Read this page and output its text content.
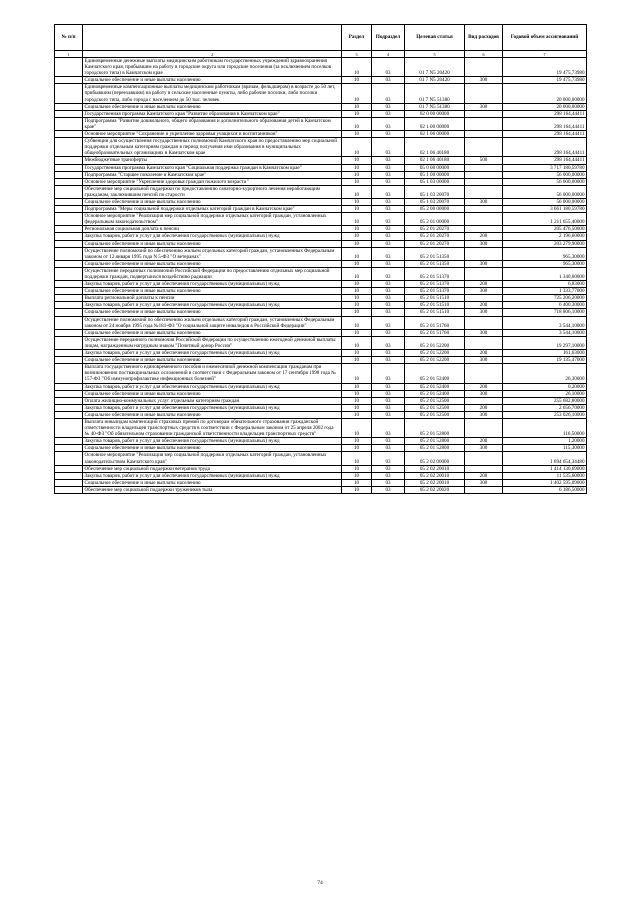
№ п/п		Раздел	Подраздел	Целевая статья	Вид расходов	Годовой объем ассигнований
1	2	3	4	5	6	7
	Единовременные денежные выплаты медицинским работникам государственных учреждений здравоохранения Камчатского края, прибывшим на работу в городские округа или городские поселения (за исключением поселков городского типа) в Камчатском крае	10	03	01 7 N5 20420		19 475,73980
	Социальное обеспечение и иные выплаты населению	10	03	01 7 N5 20420	300	19 475,73980
	Единовременные компенсационные выплаты медицинским работникам (врачам, фельдшерам) в возрасте до 50 лет, прибывшим (переехавшим) на работу в сельские населенные пункты, либо рабочие поселки, либо поселки городского типа, либо города с населением до 50 тыс. человек	10	03	01 7 N5 51380		20 000,00000
	Социальное обеспечение и иные выплаты населению	10	03	01 7 N5 51380	300	20 000,00000
	Государственная программа Камчатского края "Развитие образования в Камчатском крае"	10	03	02 0 00 00000		298 164,44411
	Подпрограмма "Развитие дошкольного, общего образования и дополнительного образования детей в Камчатском крае"	10	03	02 1 00 00000		298 164,44411
	Основное мероприятие "Сохранение и укрепление здоровья учащихся и воспитанников"	10	03	02 1 06 00000		298 164,44411
	Субвенции для осуществления государственных полномочий Камчатского края по предоставлению мер социальной поддержки отдельным категориям граждан в период получения ими образования в муниципальных общеобразовательных организациях в Камчатском крае	10	03	02 1 06 40180		298 164,44411
	Межбюджетные трансферты	10	03	02 1 06 40180	500	298 164,44411
	Государственная программа Камчатского края "Социальная поддержка граждан в Камчатском крае"	10	03	05 0 00 00000		3 717 180,59780
	Подпрограмма "Старшее поколение в Камчатском крае"	10	03	05 1 00 00000		56 000,00000
	Основное мероприятие "Укрепление здоровья граждан пожилого возраста "	10	03	05 1 03 00000		56 000,00000
	Обеспечение мер социальной поддержки по предоставлению санаторно-курортного лечения неработающим гражданам, заключившим пенсий по старости	10	03	05 1 03 20070		56 000,00000
	Социальное обеспечение и иные выплаты населению	10	03	05 1 03 20070	300	56 000,00000
	Подпрограмма "Меры социальной поддержки отдельных категорий граждан в Камчатском крае"	10	03	05 2 00 00000		3 661 180,59780
	Основное мероприятие "Реализация мер социальной поддержки отдельных категорий граждан, установленных федеральным законодательством"	10	03	05 2 01 00000		1 211 655,40000
	Региональная социальная доплата к пенсии	10	03	05 2 01 20270		205 476,50000
	Закупка товаров, работ и услуг для обеспечения государственных (муниципальных) нужд	10	03	05 2 01 20270	200	2 196,60000
	Социальное обеспечение и иные выплаты населению	10	03	05 2 01 20270	300	203 279,90000
	Осуществление полномочий по обеспечению жильем отдельных категорий граждан, установленных Федеральным законом от 12 января 1995 года N 5-ФЗ "О ветеранах"	10	03	05 2 01 51350		965,30000
	Социальное обеспечение и иные выплаты населению	10	03	05 2 01 51350	300	965,30000
	Осуществление переданных полномочий Российской Федерации по предоставлению отдельных мер социальной поддержки граждан, подвергшихся воздействию радиации	10	03	05 2 01 51370		1 340,60000
	Закупка товаров, работ и услуг для обеспечения государственных (муниципальных) нужд	10	03	05 2 01 51370	200	6,83000
	Социальное обеспечение и иные выплаты населению	10	03	05 2 01 51370	300	1 333,77000
	Выплата региональной доплаты к пенсии	10	03	05 2 01 51510		725 206,20000
	Закупка товаров, работ и услуг для обеспечения государственных (муниципальных) нужд	10	03	05 2 01 51510	200	6 400,30000
	Социальное обеспечение и иные выплаты населению	10	03	05 2 01 51510	300	718 806,10000
	Осуществление полномочий по обеспечению жильем отдельных категорий граждан, установленных Федеральным законом от 24 ноября 1995 года №181-ФЗ "О социальной защите инвалидов в Российской Федерации"	10	03	05 2 01 51760		3 544,10000
	Социальное обеспечение и иные выплаты населению	10	03	05 2 01 51760	300	3 544,10000
	Осуществление переданного полномочия Российской Федерации по осуществлению ежегодной денежной выплаты лицам, награжденным нагрудным знаком "Почетный донор России"	10	03	05 2 01 52200		19 297,10000
	Закупка товаров, работ и услуг для обеспечения государственных (муниципальных) нужд	10	03	05 2 01 52200	200	161,63000
	Социальное обеспечение и иные выплаты населению	10	03	05 2 01 52200	300	19 135,47000
	Выплата государственного единовременного пособия и ежемесячной денежной компенсации гражданам при возникновении поствакцинальных осложнений в соответствии с Федеральным законом от 17 сентября 1998 года № 157-ФЗ "Об иммунопрофилактике инфекционных болезней"	10	03	05 2 01 52400		26,30000
	Закупка товаров, работ и услуг для обеспечения государственных (муниципальных) нужд	10	03	05 2 01 52400	200	0,20000
	Социальное обеспечение и иные выплаты населению	10	03	05 2 01 52400	300	26,10000
	Оплата жилищно-коммунальных услуг отдельным категориям граждан	10	03	05 2 01 52500		255 682,80000
	Закупка товаров, работ и услуг для обеспечения государственных (муниципальных) нужд	10	03	05 2 01 52500	200	2 656,70000
	Социальное обеспечение и иные выплаты населению	10	03	05 2 01 52500	300	253 026,10000
	Выплата инвалидам компенсаций страховых премий по договорам обязательного страхования гражданской ответственности владельцев транспортных средств в соответствии с Федеральным законом от 25 апреля 2002 года № 40-ФЗ "Об обязательном страховании гражданской ответственности владельцев транспортных средств"	10	03	05 2 01 52800		116,50000
	Закупка товаров, работ и услуг для обеспечения государственных (муниципальных) нужд	10	03	05 2 01 52800	200	1,20000
	Социальное обеспечение и иные выплаты населению	10	03	05 2 01 52800	300	115,30000
	Основное мероприятие "Реализация мер социальной поддержки отдельных категорий граждан, установленных законодательством Камчатского края"	10	03	05 2 02 00000		1 694 654,34480
	Обеспечение мер социальной поддержки ветеранов труда	10	03	05 2 02 20010		1 414 130,69000
	Закупка товаров, работ и услуг для обеспечения государственных (муниципальных) нужд	10	03	05 2 02 20010	200	11 535,60000
	Социальное обеспечение и иные выплаты населению	10	03	05 2 02 20010	300	1 402 595,09000
	Обеспечение мер социальной поддержки тружеников тыла	10	03	05 2 02 20020		6 186,50000
74
